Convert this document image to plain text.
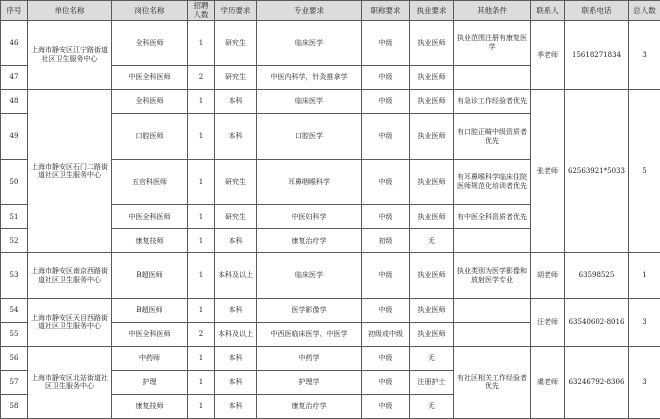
序号	单位名称	岗位名称	招聘人数	学历要求	专业要求	职称要求	执业要求	其他条件	联系人	联系电话	总人数
46	上海市静安区江宁路街道社区卫生服务中心	全科医师	1	研究生	临床医学	中级	执业医师	执业范围注册有康复医学	季老师	15618271834	3
47		中医全科医师	2	研究生	中医内科学，针灸推拿学	中级	执业医师				
48	上海市静安区石门二路街道社区卫生服务中心	全科医师	1	本科	临床医学	中级	执业医师	有急诊工作经验者优先	张老师	62563921*5033	5
49		口腔医师	1	本科	口腔医学	中级	执业医师	有口腔正畸中级资质者优先			
50		五官科医师	1	研究生	耳鼻咽喉科学	中级	执业医师	有耳鼻喉科学临床住院医师规范化培训者优先			
51		中医全科医师	1	研究生	中医妇科学	中级	执业医师	有中医全科资质者优先			
52		康复技师	1	本科	康复治疗学	初级	无				
53	上海市静安区南京西路街道社区卫生服务中心	B超医师	1	本科及以上	临床医学	中级	执业医师	执业类别为医学影像和放射医学专业	胡老师	63598525	1
54	上海市静安区天目西路街道社区卫生服务中心	B超医师	1	本科	医学影像学	中级	执业医师		汪老师	63540602-8016	3
55		中医全科医师	2	本科及以上	中西医临床医学、中医学	初级或中级	执业医师				
56	上海市静安区北站街道社区卫生服务中心	中药师	1	本科	中药学	中级	无	有社区相关工作经验者优先	虞老师	63246792-8306	3
57		护理	1	本科	护理学	中级	注册护士				
58		康复技师	1	本科	康复治疗学	中级	无				
